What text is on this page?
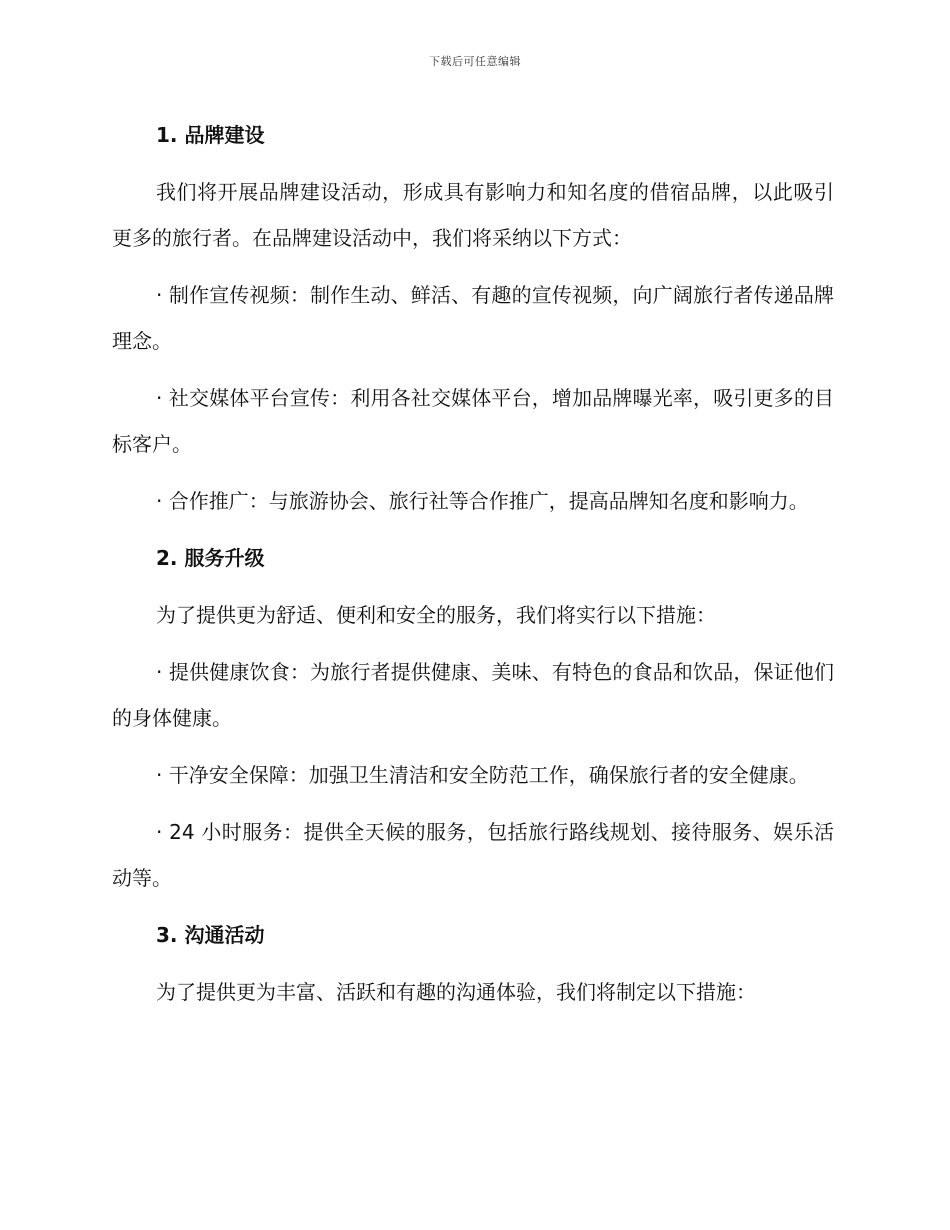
下载后可任意编辑

1. 品牌建设

我们将开展品牌建设活动，形成具有影响力和知名度的借宿品牌，以此吸引更多的旅行者。在品牌建设活动中，我们将采纳以下方式：

· 制作宣传视频：制作生动、鲜活、有趣的宣传视频，向广阔旅行者传递品牌理念。

· 社交媒体平台宣传：利用各社交媒体平台，增加品牌曝光率，吸引更多的目标客户。

· 合作推广：与旅游协会、旅行社等合作推广，提高品牌知名度和影响力。

2. 服务升级

为了提供更为舒适、便利和安全的服务，我们将实行以下措施：

· 提供健康饮食：为旅行者提供健康、美味、有特色的食品和饮品，保证他们的身体健康。

· 干净安全保障：加强卫生清洁和安全防范工作，确保旅行者的安全健康。

· 24 小时服务：提供全天候的服务，包括旅行路线规划、接待服务、娱乐活动等。

3. 沟通活动

为了提供更为丰富、活跃和有趣的沟通体验，我们将制定以下措施：
